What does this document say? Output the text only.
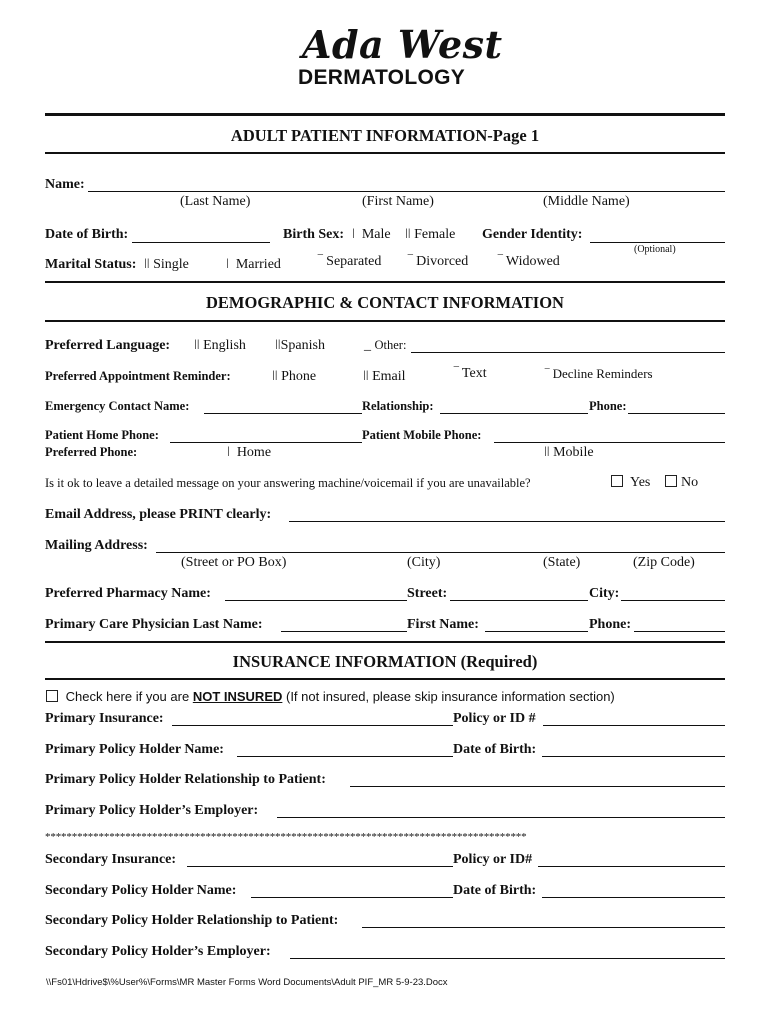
Ada West
DERMATOLOGY
ADULT PATIENT INFORMATION-Page 1
Name:
(Last Name)	(First Name)	(Middle Name)
Date of Birth:	Birth Sex: ǀ Male ǀǀ Female Gender Identity:
(Optional)
Marital Status: ǀǀ Single	ǀ Married	‾ Separated ‾ Divorced ‾ Widowed
DEMOGRAPHIC & CONTACT INFORMATION
Preferred Language: ǀǀ English ǀǀSpanish	_ Other:
Preferred Appointment Reminder:	ǀǀ Phone	ǀǀ Email	‾ Text	‾ Decline Reminders
Emergency Contact Name:	Relationship:	Phone:
Patient Home Phone:	Patient Mobile Phone:
Preferred Phone:	ǀ Home	ǀǀ Mobile
Is it ok to leave a detailed message on your answering machine/voicemail if you are unavailable?	Yes	No
Email Address, please PRINT clearly:
Mailing Address:
(Street or PO Box)	(City)	(State)	(Zip Code)
Preferred Pharmacy Name:	Street:	City:
Primary Care Physician Last Name:	First Name:	Phone:
INSURANCE INFORMATION (Required)
Check here if you are NOT INSURED (If not insured, please skip insurance information section)
Primary Insurance:	Policy or ID #
Primary Policy Holder Name:	Date of Birth:
Primary Policy Holder Relationship to Patient:
Primary Policy Holder’s Employer:
******************************************************************************************
Secondary Insurance:	Policy or ID#
Secondary Policy Holder Name:	Date of Birth:
Secondary Policy Holder Relationship to Patient:
Secondary Policy Holder’s Employer:
\\Fs01\Hdrive$\%User%\Forms\MR Master Forms Word Documents\Adult PIF_MR 5-9-23.Docx
